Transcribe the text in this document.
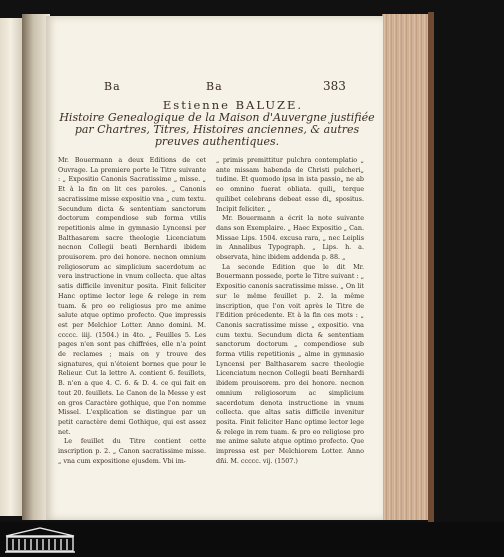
Ba	Ba	383
Estienne BALUZE.
Histoire Genealogique de la Maison d'Auvergne justifiée par Chartres, Titres, Histoires anciennes, & autres preuves authentiques.

Mr. Bouermann a deux Editions de cet Ouvrage. La premiere porte le Titre suivante : „ Expositio Canonis Sacratissime „ misse. „ Et à la fin on lit ces paroles. „ Canonis sacratissime misse expositio vna „ cum textu. Secundum dicta & sententiam sanctorum doctorum compendiose sub forma vtilis repetitionis alme in gymnasio Lyncensi per Balthasarem sacre theologie Licenciatum necnon Collegii beati Bernhardi ibidem prouisorem. pro dei honore. necnon omnium religiosorum ac simplicium sacerdotum ac vera instructione in vnum collecta. que altas satis difficile invenitur posita. Finit feliciter Hanc optime lector lege & relege in rem tuam. & pro eo religiosus pro me anime salute atque optimo profecto. Que impressis est per Melchior Lotter. Anno domini. M. ccccc. iiij. (1504.) in 4to. „ Feuilles 5. Les pages n'en sont pas chiffrées, elle n'a point de reclames ; mais on y trouve des signatures, qui n'étoient bornes que pour le Relieur. Cut la lettre A. contient 6. feuillets, B. n'en a que 4. C. 6. & D. 4. ce qui fait en tout 20. feuillets. Le Canon de la Messe y est en gros Caractère gothique, que l'on nomme Missel. L'explication se distingue par un petit caractère demi Gothique, qui est assez net.

Le feuillet du Titre contient cette inscription p. 2. „ Canon sacratissime misse. „ vna cum expositione ejusdem. Vbi im-

„ primis premittitur pulchra contemplatio „ ante missam habenda de Christi pulcheri„ tudine. Et quomodo ipsa in ista passio„ ne ab eo omnino fuerat obliata. quili„ terque quilibet celebrans debeat esse di„ spositus. Incipit feliciter. „

Mr. Bouermann a écrit la note suivante dans son Exemplaire. „ Haec Expositio „ Can. Missae Lips. 1504. excusa rara, „ nec Leiplis in Annalibus Typograph. „ Lips. h. a. observata, hinc ibidem addenda p. 88. „

La seconde Edition que le dit Mr. Bouermann possede, porte le Titre suivant : „ Expositio canonis sacratissime misse. „ On lit sur le même feuillet p. 2. la même inscription, que l'on voit après le Titre de l'Edition précedente. Et à la fin ces mots : „ Canonis sacratissime misse „ expositio. vna cum textu. Secundum dicta & sententiam sanctorum doctorum „ compendiose sub forma vtilis repetitionis „ alme in gymnasio Lyncensi per Balthasarem sacre theologie Licenciatum necnon Collegii beati Bernhardi ibidem prouisorem. pro dei honore. necnon omnium religiosorum ac simplicium sacerdotum denota instructione in vnum collecta. que altas satis difficile invenitur posita. Finit feliciter Hanc optime lector lege & relege in rem tuam. & pro eo religiose pro me anime salute atque optimo profecto. Que impressa est per Melchiorem Lotter. Anno dñi. M. ccccc. vij. (1507.)
